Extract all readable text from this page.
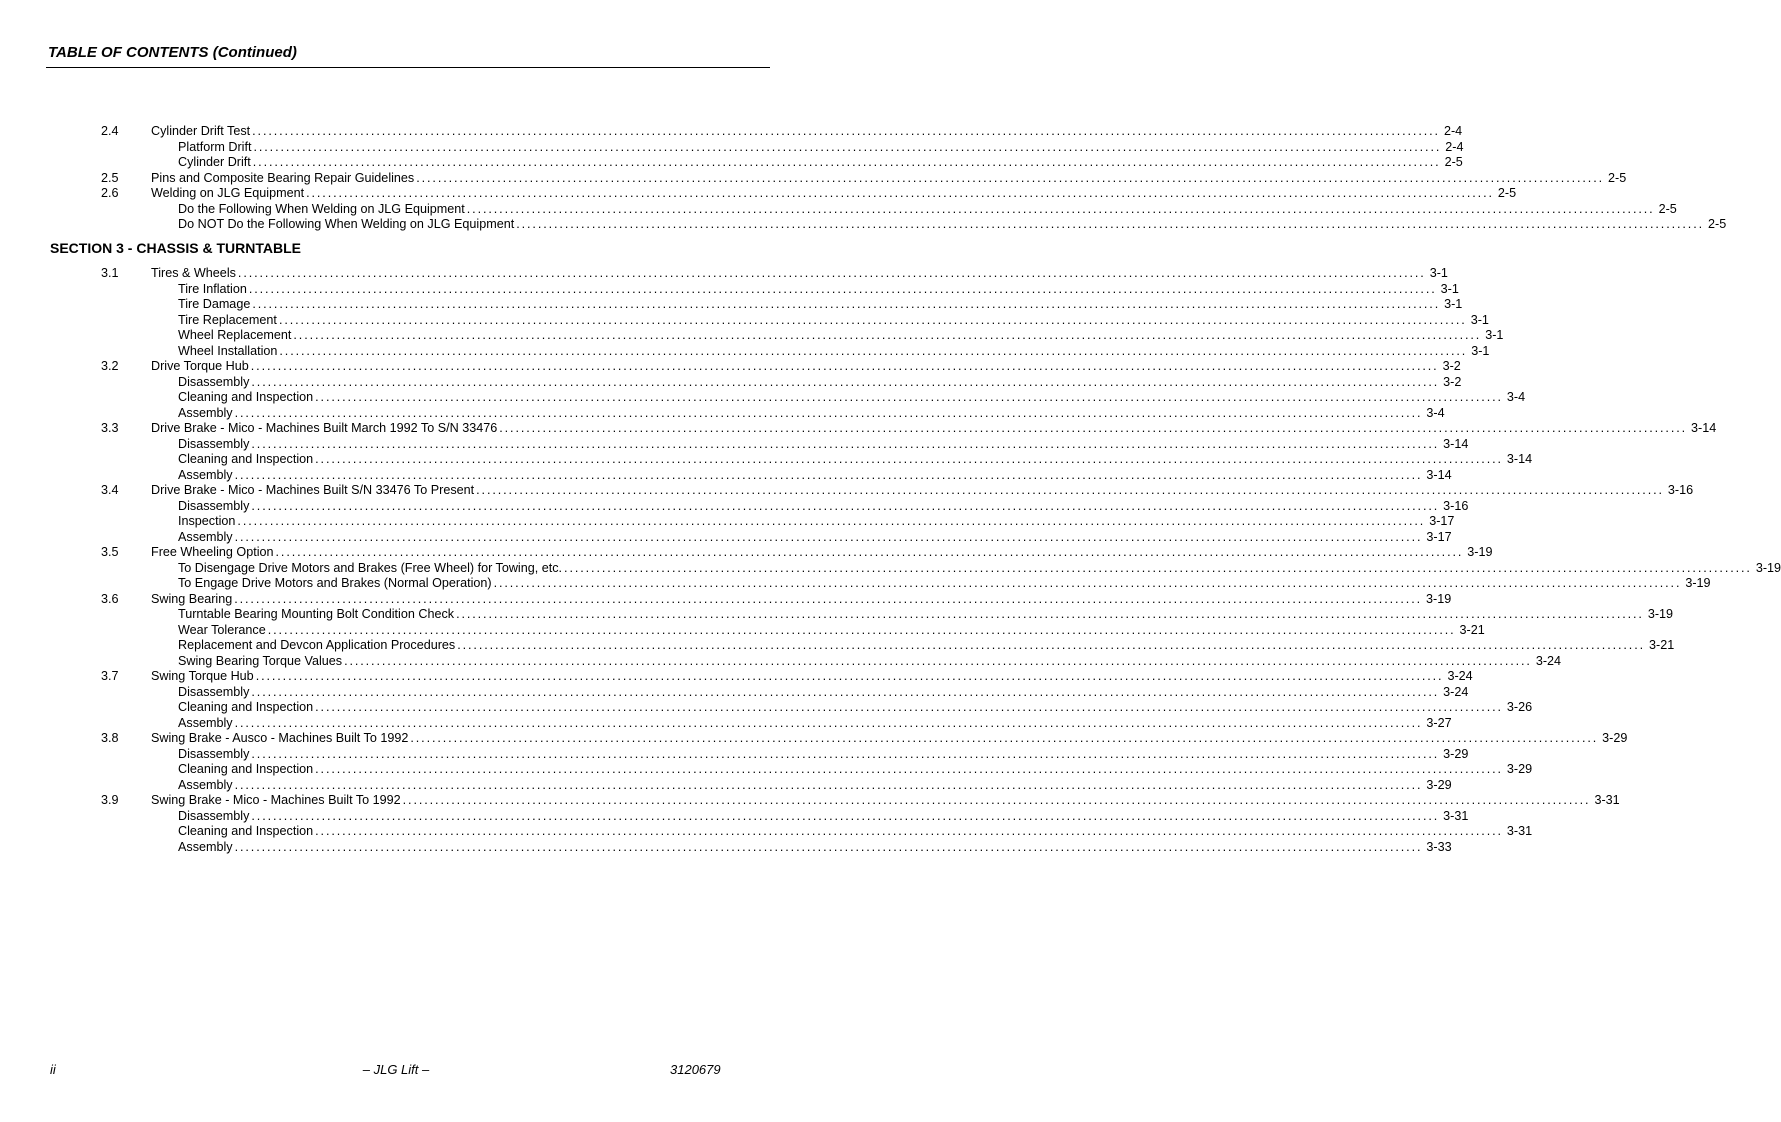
TABLE OF CONTENTS (Continued)
2.4	Cylinder Drift Test ............................................................................................................................................................................................................................ 2-4
Platform Drift ............................................................................................................................................................................................................................ 2-4
Cylinder Drift ............................................................................................................................................................................................................................ 2-5
2.5	Pins and Composite Bearing Repair Guidelines ............................................................................................................................................................................................................................ 2-5
2.6	Welding on JLG Equipment ............................................................................................................................................................................................................................ 2-5
Do the Following When Welding on JLG Equipment ............................................................................................................................................................................................................................ 2-5
Do NOT Do the Following When Welding on JLG Equipment ............................................................................................................................................................................................................................ 2-5
SECTION 3 - CHASSIS & TURNTABLE
3.1	Tires & Wheels ............................................................................................................................................................................................................................ 3-1
Tire Inflation ............................................................................................................................................................................................................................ 3-1
Tire Damage ............................................................................................................................................................................................................................ 3-1
Tire Replacement ............................................................................................................................................................................................................................ 3-1
Wheel Replacement ............................................................................................................................................................................................................................ 3-1
Wheel Installation ............................................................................................................................................................................................................................ 3-1
3.2	Drive Torque Hub ............................................................................................................................................................................................................................ 3-2
Disassembly ............................................................................................................................................................................................................................ 3-2
Cleaning and Inspection ............................................................................................................................................................................................................................ 3-4
Assembly ............................................................................................................................................................................................................................ 3-4
3.3	Drive Brake - Mico - Machines Built March 1992 To S/N 33476 ............................................................................................................................................................................................................................ 3-14
Disassembly ............................................................................................................................................................................................................................ 3-14
Cleaning and Inspection ............................................................................................................................................................................................................................ 3-14
Assembly ............................................................................................................................................................................................................................ 3-14
3.4	Drive Brake - Mico - Machines Built S/N 33476 To Present ............................................................................................................................................................................................................................ 3-16
Disassembly ............................................................................................................................................................................................................................ 3-16
Inspection ............................................................................................................................................................................................................................ 3-17
Assembly ............................................................................................................................................................................................................................ 3-17
3.5	Free Wheeling Option ............................................................................................................................................................................................................................ 3-19
To Disengage Drive Motors and Brakes (Free Wheel) for Towing, etc. ............................................................................................................................................................................................................................ 3-19
To Engage Drive Motors and Brakes (Normal Operation) ............................................................................................................................................................................................................................ 3-19
3.6	Swing Bearing ............................................................................................................................................................................................................................ 3-19
Turntable Bearing Mounting Bolt Condition Check ............................................................................................................................................................................................................................ 3-19
Wear Tolerance ............................................................................................................................................................................................................................ 3-21
Replacement and Devcon Application Procedures ............................................................................................................................................................................................................................ 3-21
Swing Bearing Torque Values ............................................................................................................................................................................................................................ 3-24
3.7	Swing Torque Hub ............................................................................................................................................................................................................................ 3-24
Disassembly ............................................................................................................................................................................................................................ 3-24
Cleaning and Inspection ............................................................................................................................................................................................................................ 3-26
Assembly ............................................................................................................................................................................................................................ 3-27
3.8	Swing Brake - Ausco - Machines Built To 1992 ............................................................................................................................................................................................................................ 3-29
Disassembly ............................................................................................................................................................................................................................ 3-29
Cleaning and Inspection ............................................................................................................................................................................................................................ 3-29
Assembly ............................................................................................................................................................................................................................ 3-29
3.9	Swing Brake - Mico - Machines Built To 1992 ............................................................................................................................................................................................................................ 3-31
Disassembly ............................................................................................................................................................................................................................ 3-31
Cleaning and Inspection ............................................................................................................................................................................................................................ 3-31
Assembly ............................................................................................................................................................................................................................ 3-33
ii	– JLG Lift –	3120679
